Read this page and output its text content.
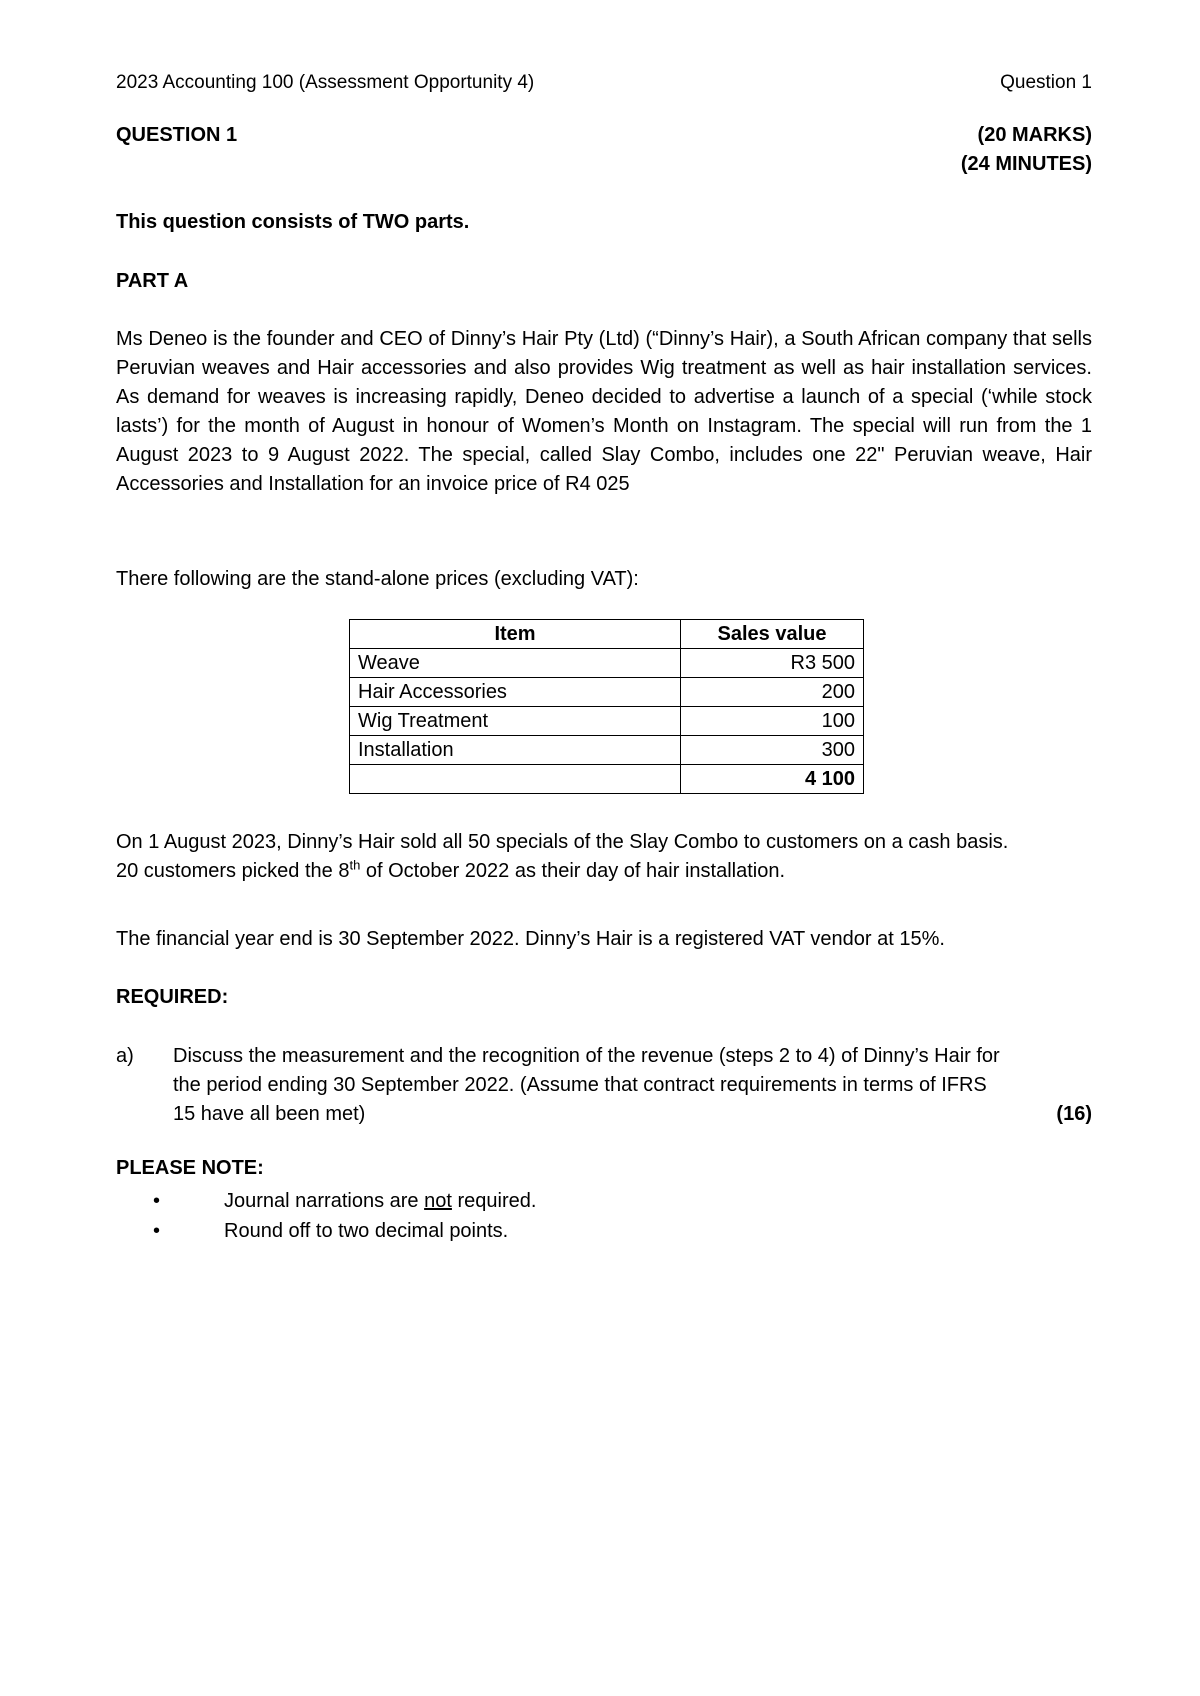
2023 Accounting 100 (Assessment Opportunity 4)	Question 1
QUESTION 1	(20 MARKS)
(24 MINUTES)
This question consists of TWO parts.
PART A
Ms Deneo is the founder and CEO of Dinny’s Hair Pty (Ltd) (“Dinny’s Hair), a South African company that sells Peruvian weaves and Hair accessories and also provides Wig treatment as well as hair installation services. As demand for weaves is increasing rapidly, Deneo decided to advertise a launch of a special (‘while stock lasts’) for the month of August in honour of Women’s Month on Instagram. The special will run from the 1 August 2023 to 9 August 2022. The special, called Slay Combo, includes one 22" Peruvian weave, Hair Accessories and Installation for an invoice price of R4 025
There following are the stand-alone prices (excluding VAT):
Item	Sales value
Weave	R3 500
Hair Accessories	200
Wig Treatment	100
Installation	300
	4 100
On 1 August 2023, Dinny’s Hair sold all 50 specials of the Slay Combo to customers on a cash basis.
20 customers picked the 8th of October 2022 as their day of hair installation.
The financial year end is 30 September 2022. Dinny’s Hair is a registered VAT vendor at 15%.
REQUIRED:
a) Discuss the measurement and the recognition of the revenue (steps 2 to 4) of Dinny’s Hair for the period ending 30 September 2022. (Assume that contract requirements in terms of IFRS 15 have all been met)	(16)
PLEASE NOTE:
•	Journal narrations are not required.
•	Round off to two decimal points.
